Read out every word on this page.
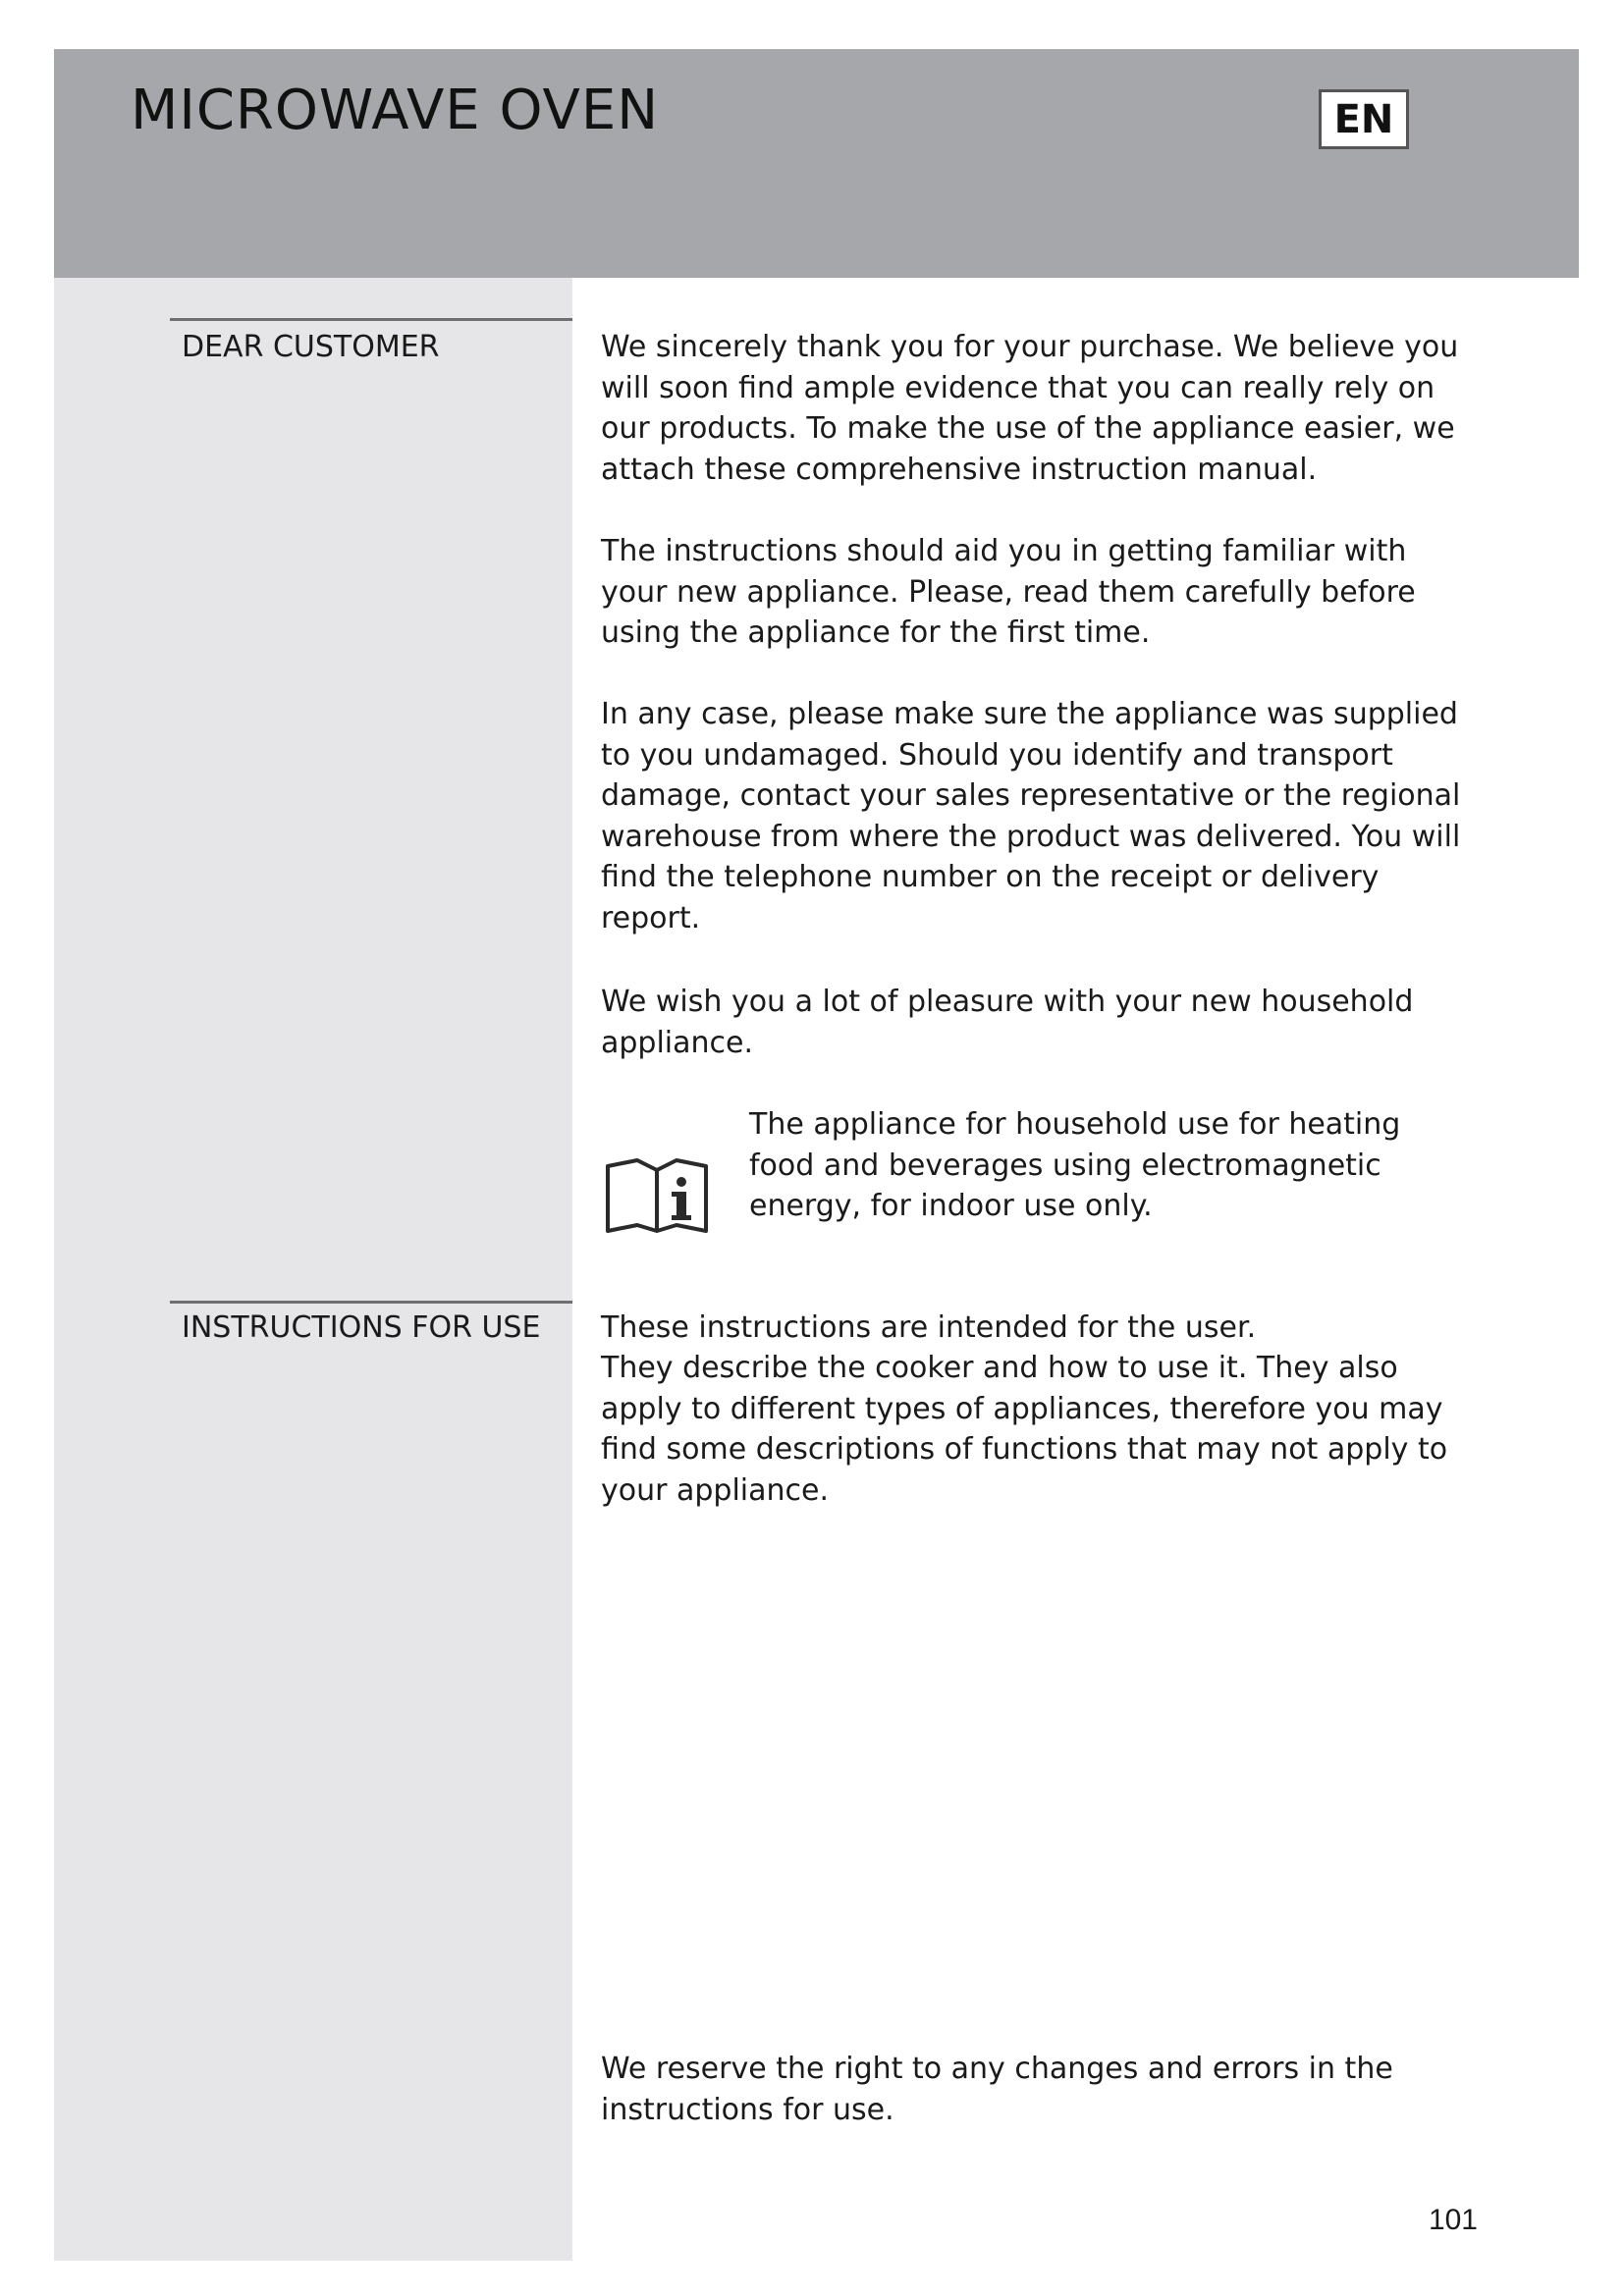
MICROWAVE OVEN	EN

DEAR CUSTOMER	We sincerely thank you for your purchase. We believe you will soon find ample evidence that you can really rely on our products. To make the use of the appliance easier, we attach these comprehensive instruction manual.

The instructions should aid you in getting familiar with your new appliance. Please, read them carefully before using the appliance for the first time.

In any case, please make sure the appliance was supplied to you undamaged. Should you identify and transport damage, contact your sales representative or the regional warehouse from where the product was delivered. You will find the telephone number on the receipt or delivery report.

We wish you a lot of pleasure with your new household appliance.

The appliance for household use for heating food and beverages using electromagnetic energy, for indoor use only.

INSTRUCTIONS FOR USE	These instructions are intended for the user.

They describe the cooker and how to use it. They also apply to different types of appliances, therefore you may find some descriptions of functions that may not apply to your appliance.

We reserve the right to any changes and errors in the instructions for use.

101
